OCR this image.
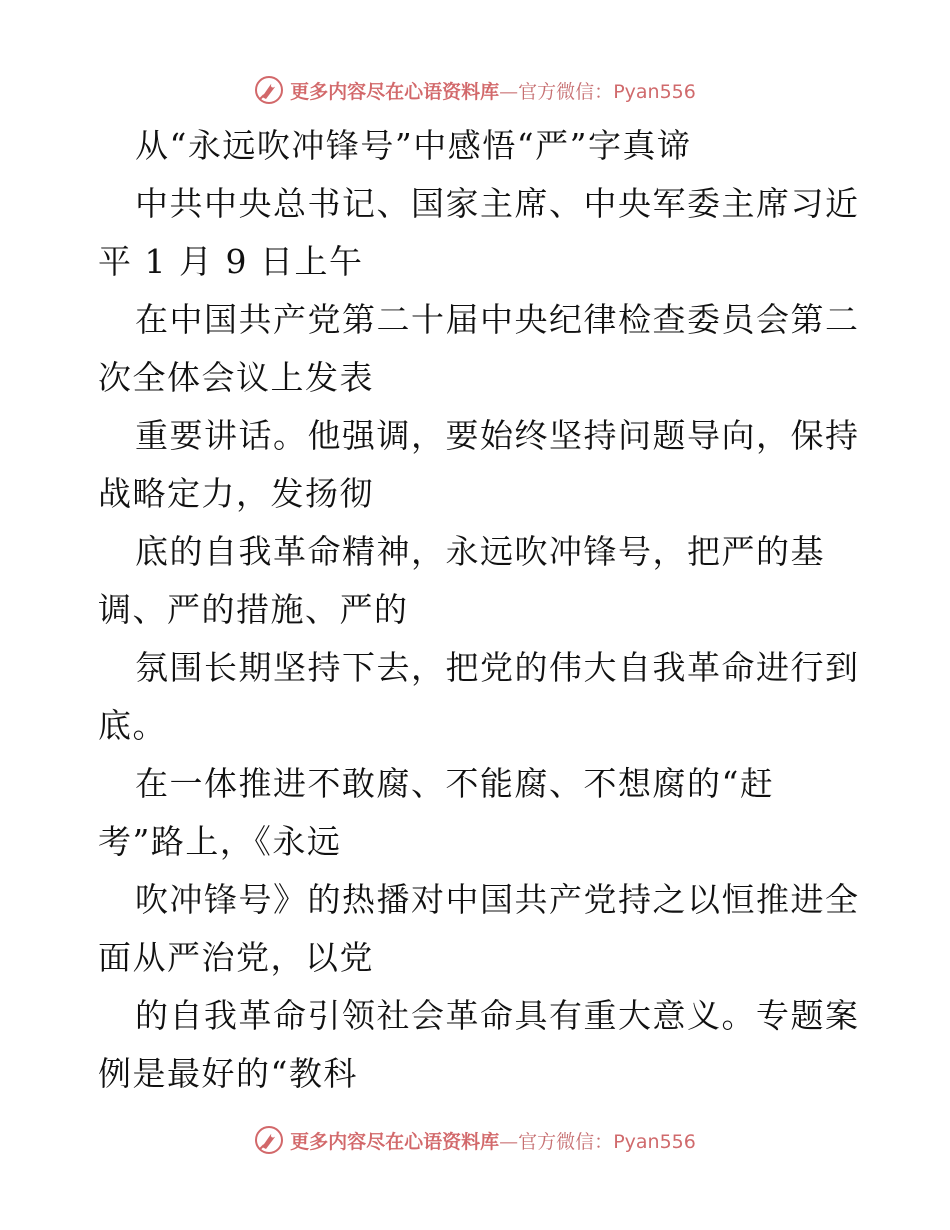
更多内容尽在心语资料库—官方微信：Pyan556
从“永远吹冲锋号”中感悟“严”字真谛
中共中央总书记、国家主席、中央军委主席习近
平 1 月 9 日上午
在中国共产党第二十届中央纪律检查委员会第二
次全体会议上发表
重要讲话。他强调，要始终坚持问题导向，保持
战略定力，发扬彻
底的自我革命精神，永远吹冲锋号，把严的基
调、严的措施、严的
氛围长期坚持下去，把党的伟大自我革命进行到
底。
在一体推进不敢腐、不能腐、不想腐的“赶
考”路上，《永远
吹冲锋号》的热播对中国共产党持之以恒推进全
面从严治党，以党
的自我革命引领社会革命具有重大意义。专题案
例是最好的“教科
更多内容尽在心语资料库—官方微信：Pyan556
